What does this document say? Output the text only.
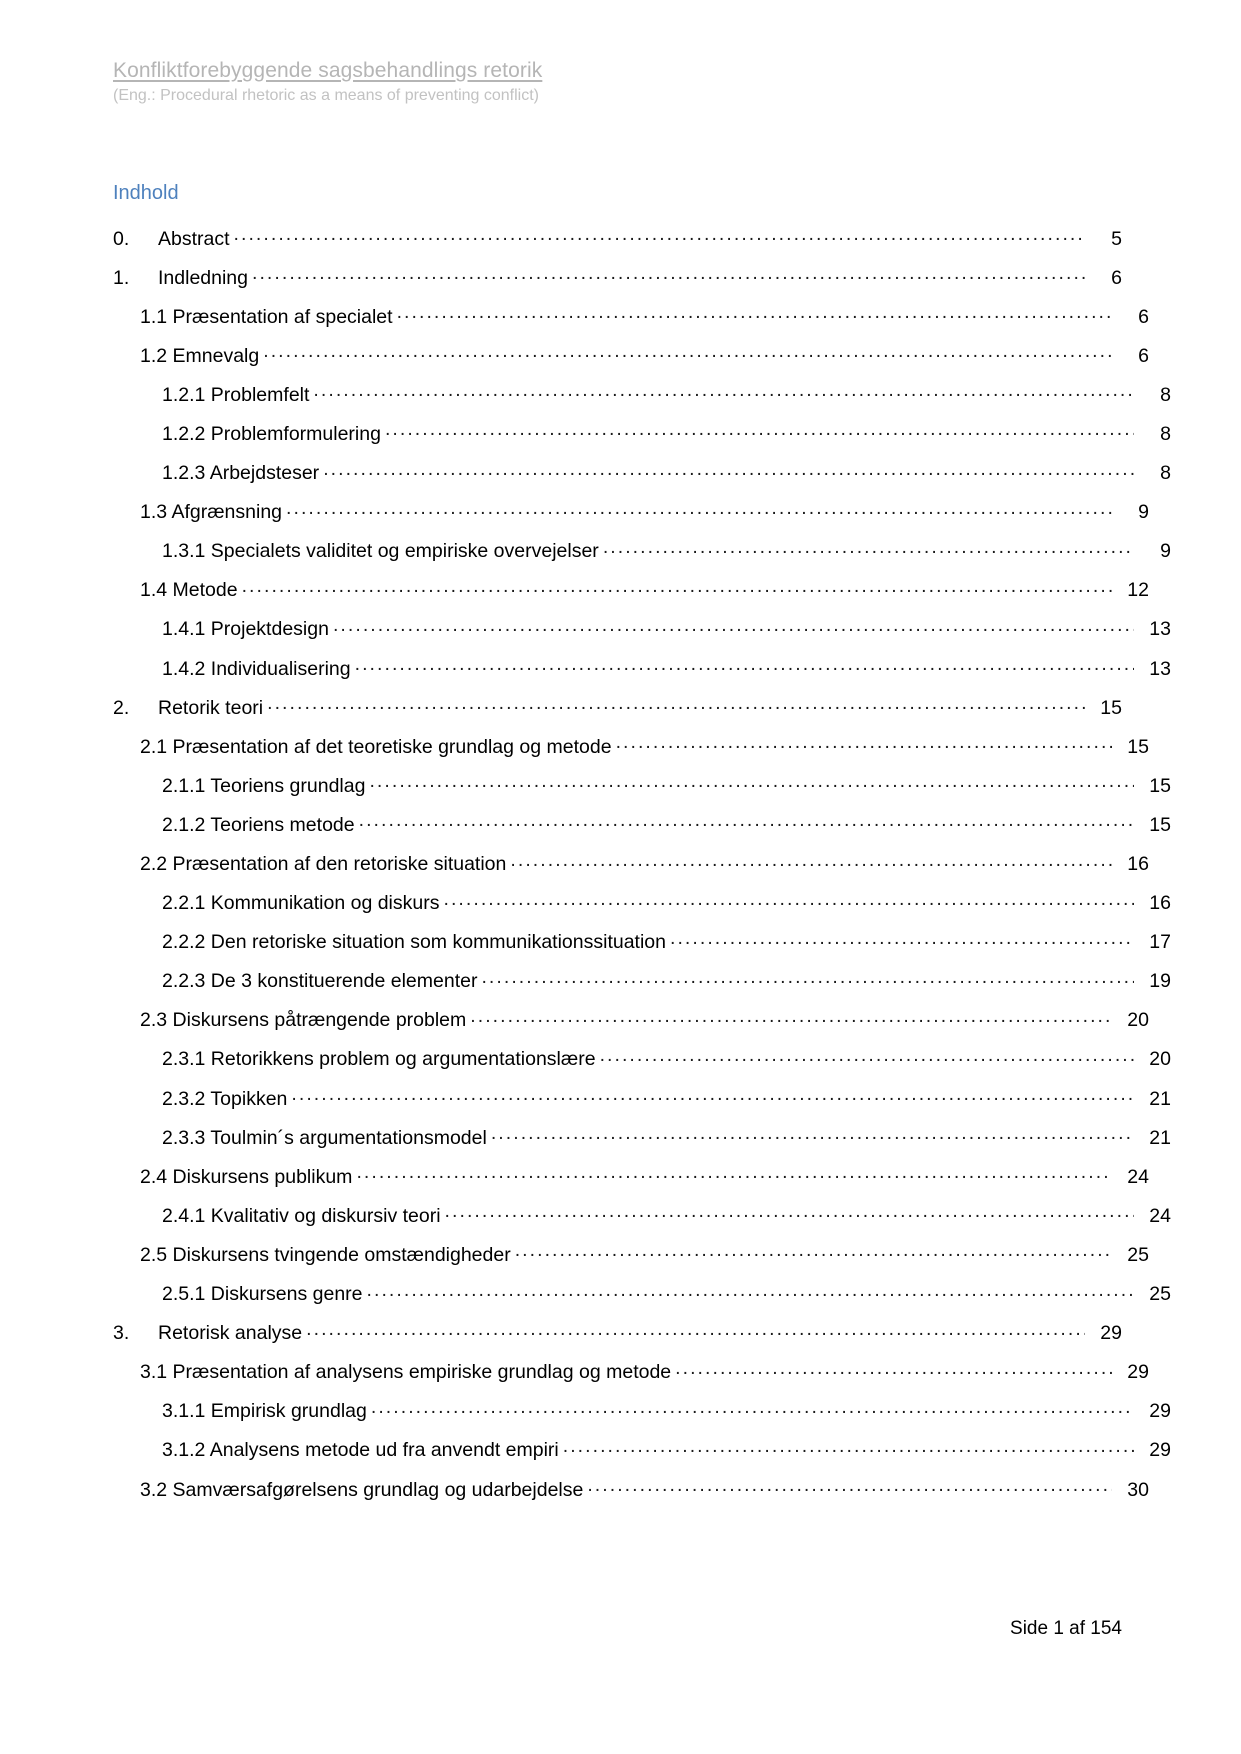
Konfliktforebyggende sagsbehandlings retorik
(Eng.: Procedural rhetoric as a means of preventing conflict)
Indhold
0.	Abstract .....	5
1.	Indledning .....	6
1.1 Præsentation af specialet .....	6
1.2 Emnevalg .....	6
1.2.1 Problemfelt .....	8
1.2.2 Problemformulering .....	8
1.2.3 Arbejdsteser .....	8
1.3 Afgrænsning .....	9
1.3.1 Specialets validitet og empiriske overvejelser .....	9
1.4 Metode .....	12
1.4.1 Projektdesign .....	13
1.4.2 Individualisering .....	13
2.	Retorik teori .....	15
2.1 Præsentation af det teoretiske grundlag og metode .....	15
2.1.1 Teoriens grundlag .....	15
2.1.2 Teoriens metode .....	15
2.2 Præsentation af den retoriske situation .....	16
2.2.1 Kommunikation og diskurs .....	16
2.2.2 Den retoriske situation som kommunikationssituation .....	17
2.2.3 De 3 konstituerende elementer .....	19
2.3 Diskursens påtrængende problem .....	20
2.3.1 Retorikkens problem og argumentationslære .....	20
2.3.2 Topikken .....	21
2.3.3 Toulmin´s argumentationsmodel .....	21
2.4 Diskursens publikum .....	24
2.4.1 Kvalitativ og diskursiv teori .....	24
2.5 Diskursens tvingende omstændigheder .....	25
2.5.1 Diskursens genre .....	25
3.	Retorisk analyse .....	29
3.1 Præsentation af analysens empiriske grundlag og metode .....	29
3.1.1 Empirisk grundlag .....	29
3.1.2 Analysens metode ud fra anvendt empiri .....	29
3.2 Samværsafgørelsens grundlag og udarbejdelse .....	30
Side 1 af 154
